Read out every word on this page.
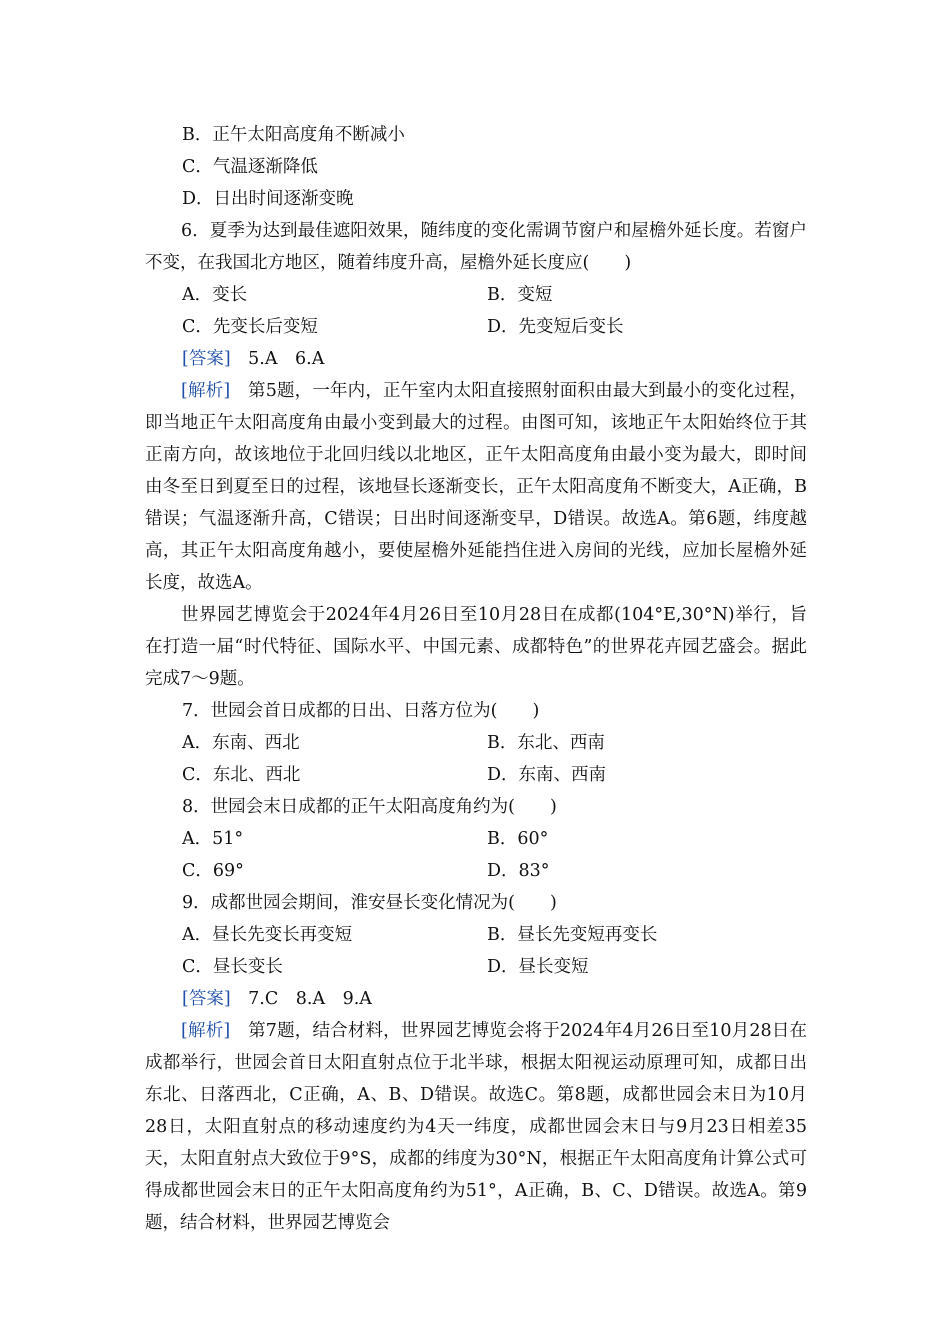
B．正午太阳高度角不断减小
C．气温逐渐降低
D．日出时间逐渐变晚
6．夏季为达到最佳遮阳效果，随纬度的变化需调节窗户和屋檐外延长度。若窗户不变，在我国北方地区，随着纬度升高，屋檐外延长度应(　　)
A．变长	B．变短
C．先变长后变短	D．先变短后变长
[答案]　5.A　6.A
[解析]　第5题，一年内，正午室内太阳直接照射面积由最大到最小的变化过程，即当地正午太阳高度角由最小变到最大的过程。由图可知，该地正午太阳始终位于其正南方向，故该地位于北回归线以北地区，正午太阳高度角由最小变为最大，即时间由冬至日到夏至日的过程，该地昼长逐渐变长，正午太阳高度角不断变大，A正确，B错误；气温逐渐升高，C错误；日出时间逐渐变早，D错误。故选A。第6题，纬度越高，其正午太阳高度角越小，要使屋檐外延能挡住进入房间的光线，应加长屋檐外延长度，故选A。
世界园艺博览会于2024年4月26日至10月28日在成都(104°E,30°N)举行，旨在打造一届“时代特征、国际水平、中国元素、成都特色”的世界花卉园艺盛会。据此完成7～9题。
7．世园会首日成都的日出、日落方位为(　　)
A．东南、西北	B．东北、西南
C．东北、西北	D．东南、西南
8．世园会末日成都的正午太阳高度角约为(　　)
A．51°	B．60°
C．69°	D．83°
9．成都世园会期间，淮安昼长变化情况为(　　)
A．昼长先变长再变短	B．昼长先变短再变长
C．昼长变长	D．昼长变短
[答案]　7.C　8.A　9.A
[解析]　第7题，结合材料，世界园艺博览会将于2024年4月26日至10月28日在成都举行，世园会首日太阳直射点位于北半球，根据太阳视运动原理可知，成都日出东北、日落西北，C正确，A、B、D错误。故选C。第8题，成都世园会末日为10月28日，太阳直射点的移动速度约为4天一纬度，成都世园会末日与9月23日相差35天，太阳直射点大致位于9°S，成都的纬度为30°N，根据正午太阳高度角计算公式可得成都世园会末日的正午太阳高度角约为51°，A正确，B、C、D错误。故选A。第9题，结合材料，世界园艺博览会
